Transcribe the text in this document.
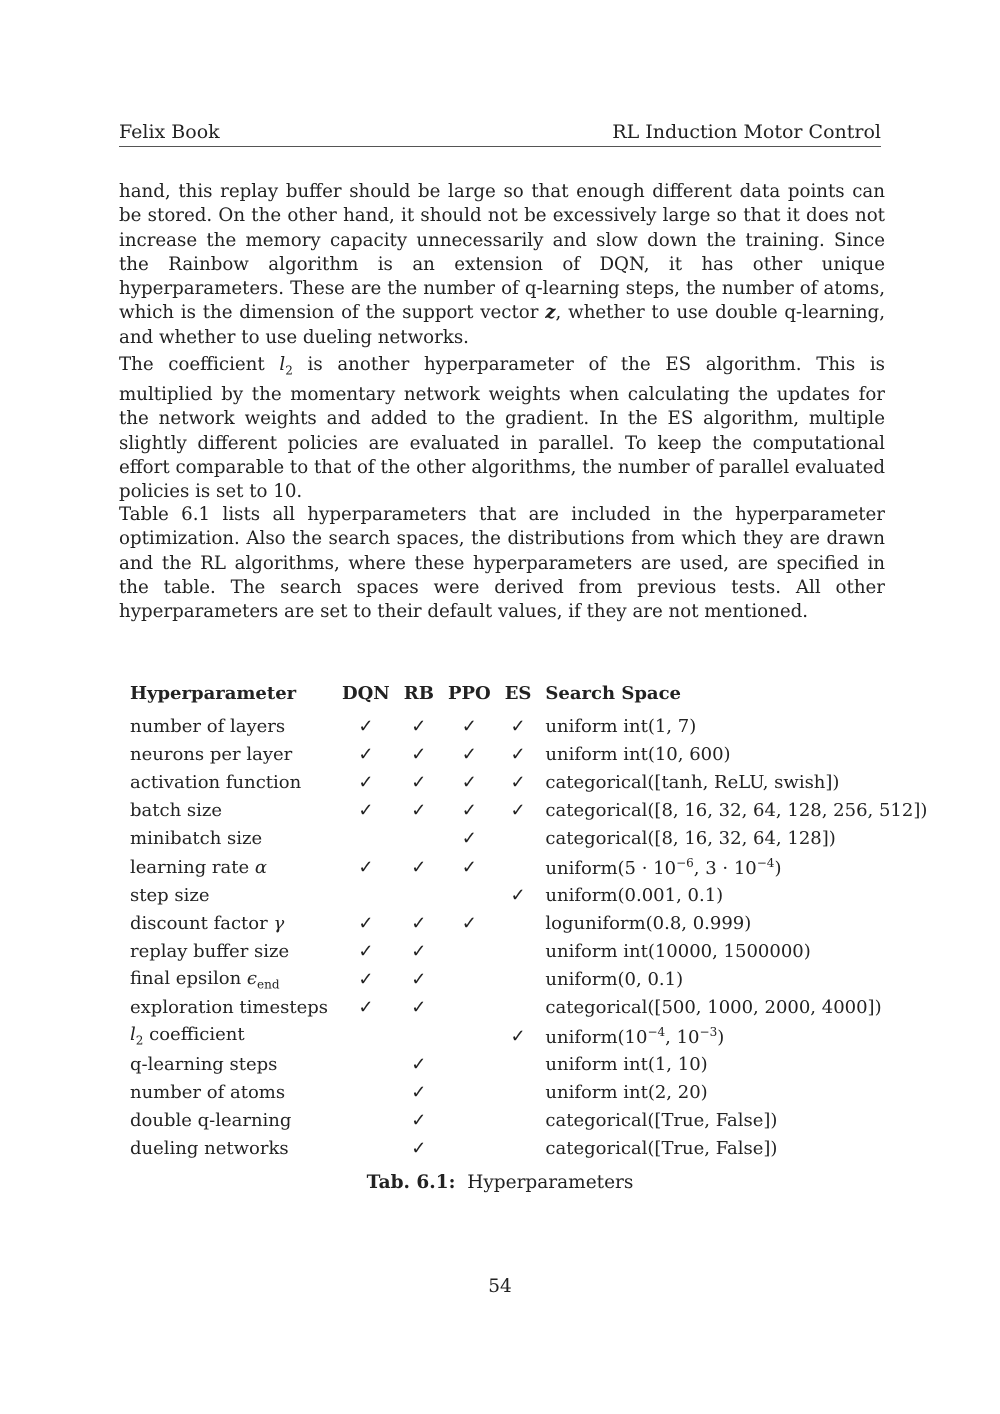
Felix Book	RL Induction Motor Control
hand, this replay buffer should be large so that enough different data points can be stored. On the other hand, it should not be excessively large so that it does not increase the memory capacity unnecessarily and slow down the training. Since the Rainbow algorithm is an extension of DQN, it has other unique hyperparameters. These are the number of q-learning steps, the number of atoms, which is the dimension of the support vector z, whether to use double q-learning, and whether to use dueling networks.
The coefficient $l_2$ is another hyperparameter of the ES algorithm. This is multiplied by the momentary network weights when calculating the updates for the network weights and added to the gradient. In the ES algorithm, multiple slightly different policies are evaluated in parallel. To keep the computational effort comparable to that of the other algorithms, the number of parallel evaluated policies is set to 10.
Table 6.1 lists all hyperparameters that are included in the hyperparameter optimization. Also the search spaces, the distributions from which they are drawn and the RL algorithms, where these hyperparameters are used, are specified in the table. The search spaces were derived from previous tests. All other hyperparameters are set to their default values, if they are not mentioned.
Hyperparameter	DQN	RB	PPO	ES	Search Space
number of layers	✓	✓	✓	✓	uniform int(1, 7)
neurons per layer	✓	✓	✓	✓	uniform int(10, 600)
activation function	✓	✓	✓	✓	categorical([tanh, ReLU, swish])
batch size	✓	✓	✓	✓	categorical([8, 16, 32, 64, 128, 256, 512])
minibatch size			✓		categorical([8, 16, 32, 64, 128])
learning rate α	✓	✓	✓		uniform(5 · $10^{-6}$, $3 \cdot 10^{-4}$)
step size				✓	uniform(0.001, 0.1)
discount factor γ	✓	✓	✓		loguniform(0.8, 0.999)
replay buffer size	✓	✓			uniform int(10000, 1500000)
final epsilon $\epsilon_{end}$	✓	✓			uniform(0, 0.1)
exploration timesteps	✓	✓			categorical([500, 1000, 2000, 4000])
$l_2$ coefficient				✓	$uniform(10^{-4}$, $10^{-3}$)
q-learning steps		✓			uniform int(1, 10)
number of atoms		✓			uniform int(2, 20)
double q-learning		✓			categorical([True, False])
dueling networks		✓			categorical([True, False])
Tab. 6.1: Hyperparameters
54
